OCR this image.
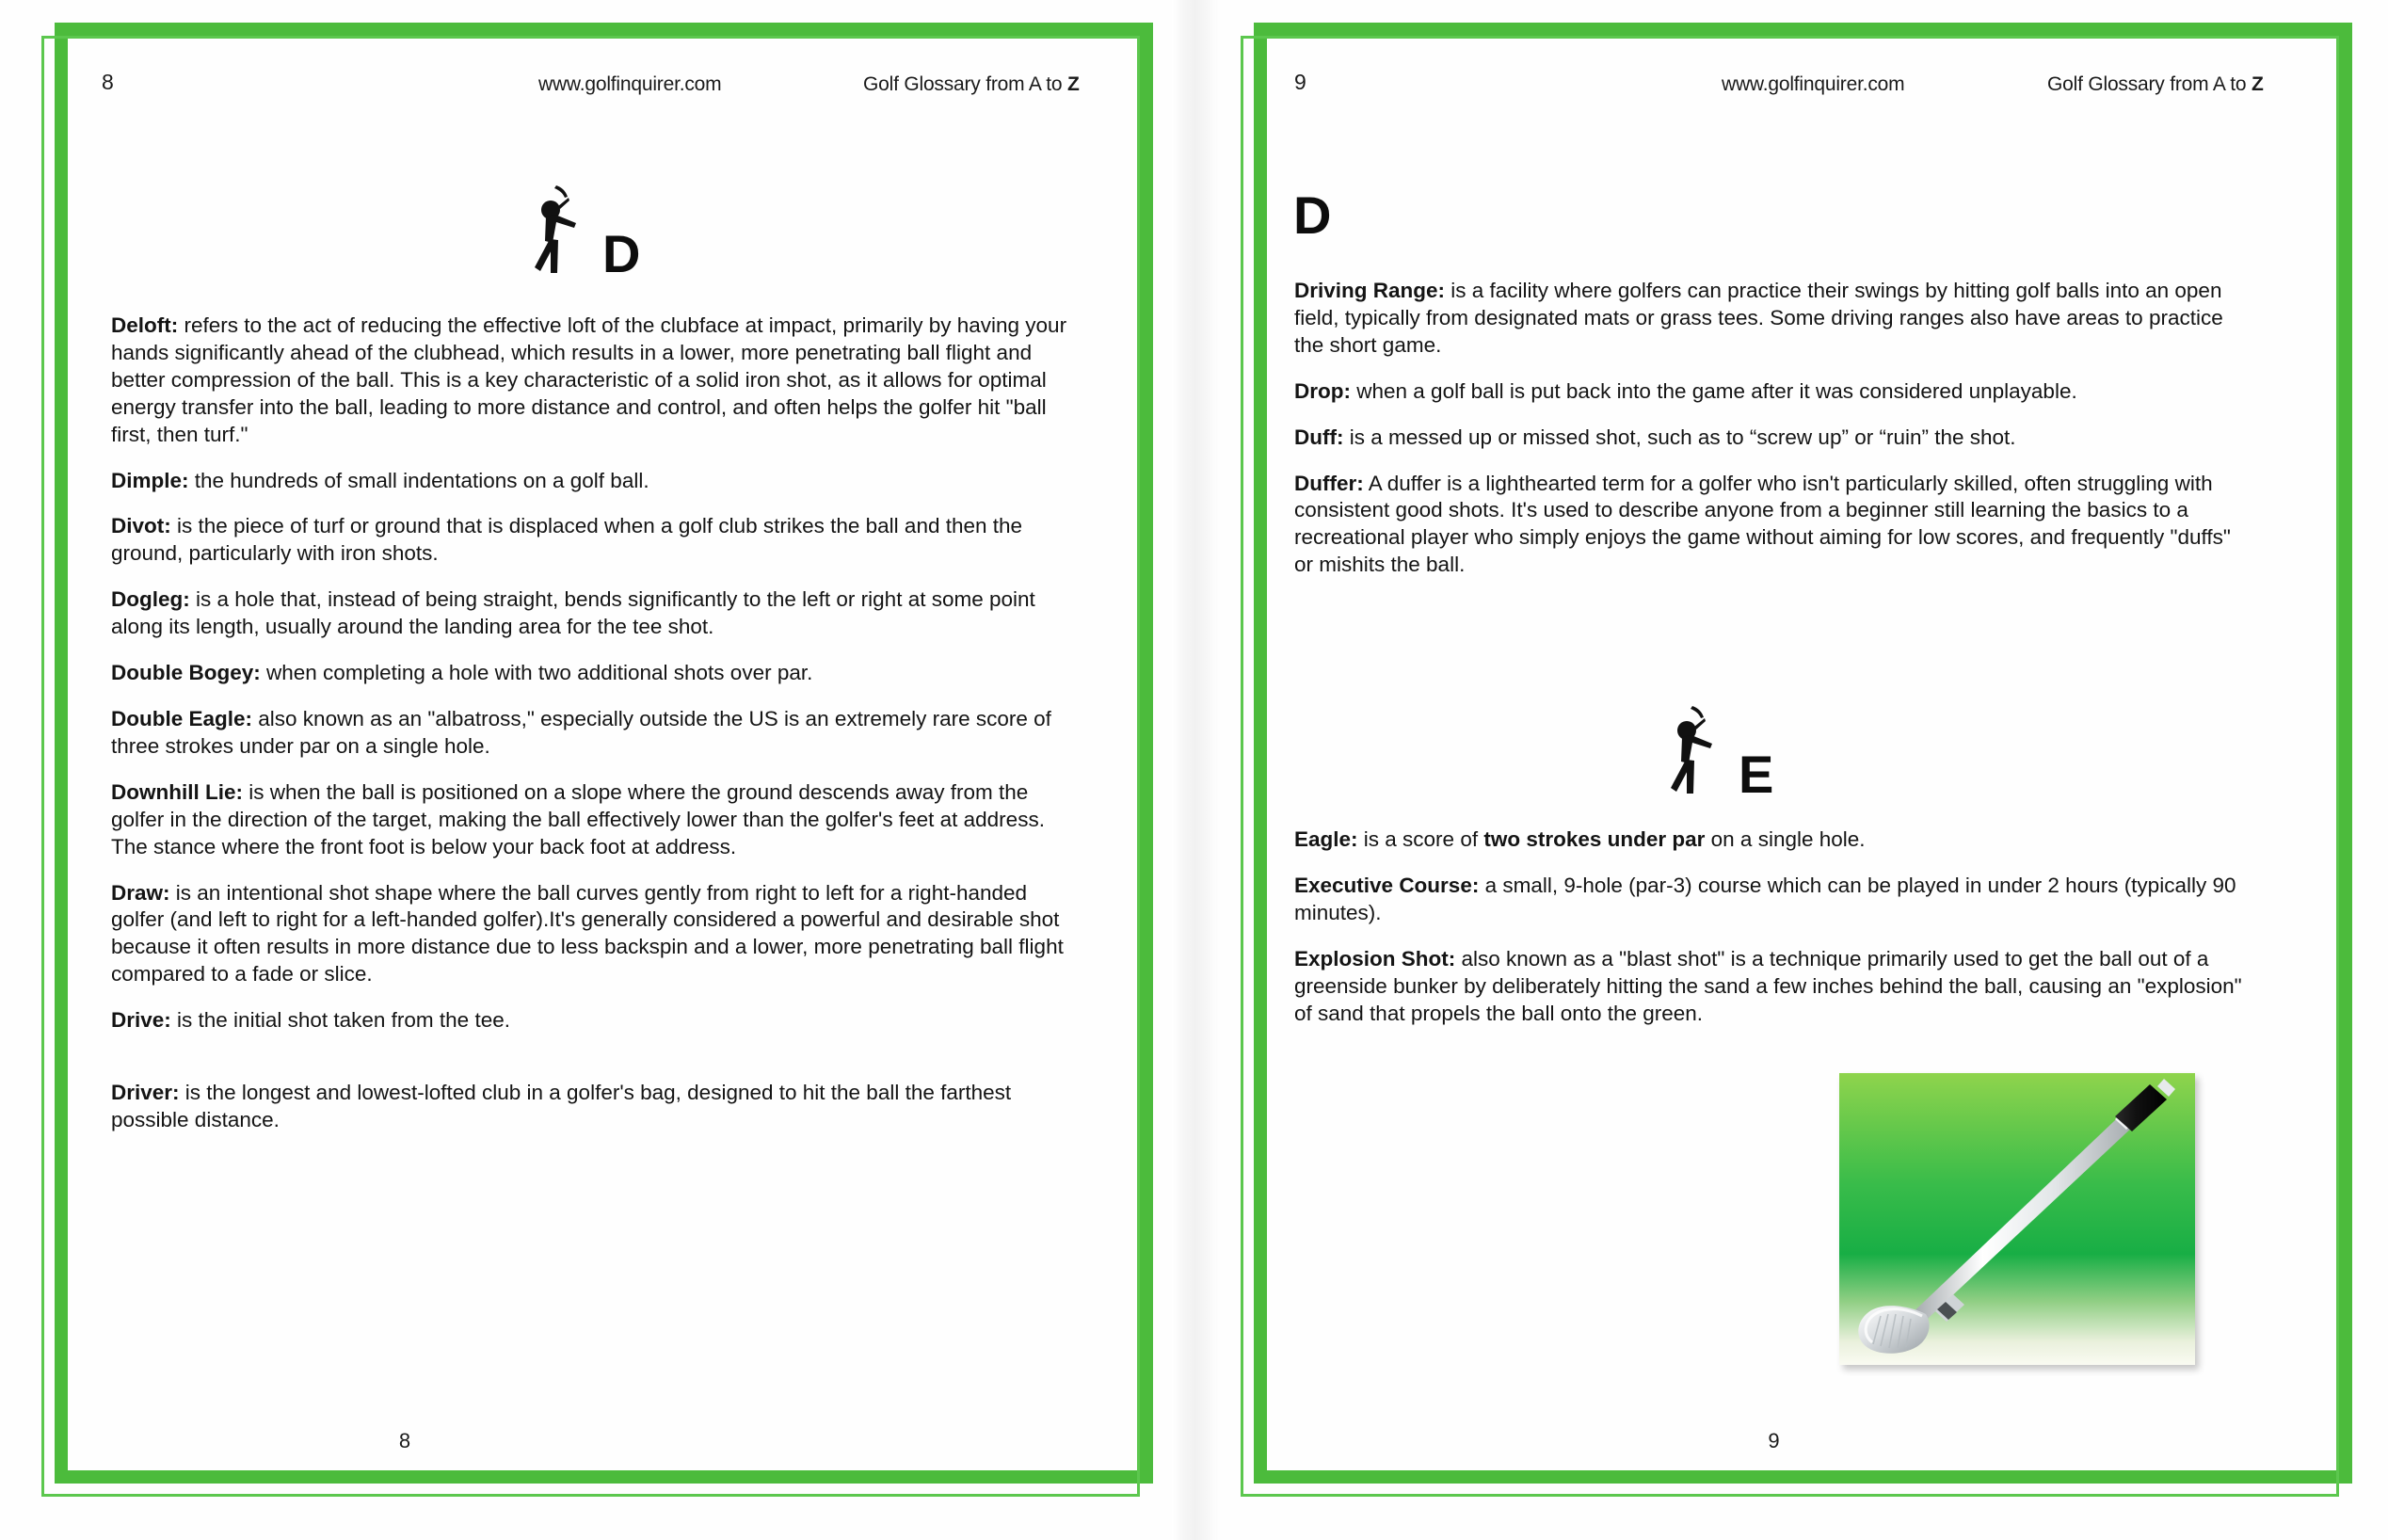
8	www.golfinquirer.com	Golf Glossary from A to Z
D

Deloft: refers to the act of reducing the effective loft of the clubface at impact, primarily by having your hands significantly ahead of the clubhead, which results in a lower, more penetrating ball flight and better compression of the ball. This is a key characteristic of a solid iron shot, as it allows for optimal energy transfer into the ball, leading to more distance and control, and often helps the golfer hit "ball first, then turf."

Dimple: the hundreds of small indentations on a golf ball.

Divot: is the piece of turf or ground that is displaced when a golf club strikes the ball and then the ground, particularly with iron shots.

Dogleg: is a hole that, instead of being straight, bends significantly to the left or right at some point along its length, usually around the landing area for the tee shot.

Double Bogey: when completing a hole with two additional shots over par.

Double Eagle: also known as an "albatross," especially outside the US is an extremely rare score of three strokes under par on a single hole.

Downhill Lie: is when the ball is positioned on a slope where the ground descends away from the golfer in the direction of the target, making the ball effectively lower than the golfer's feet at address. The stance where the front foot is below your back foot at address.

Draw: is an intentional shot shape where the ball curves gently from right to left for a right-handed golfer (and left to right for a left-handed golfer).It's generally considered a powerful and desirable shot because it often results in more distance due to less backspin and a lower, more penetrating ball flight compared to a fade or slice.

Drive: is the initial shot taken from the tee.

Driver: is the longest and lowest-lofted club in a golfer's bag, designed to hit the ball the farthest possible distance.

8
9	www.golfinquirer.com	Golf Glossary from A to Z
D

Driving Range: is a facility where golfers can practice their swings by hitting golf balls into an open field, typically from designated mats or grass tees. Some driving ranges also have areas to practice the short game.

Drop: when a golf ball is put back into the game after it was considered unplayable.

Duff: is a messed up or missed shot, such as to “screw up” or “ruin” the shot.

Duffer: A duffer is a lighthearted term for a golfer who isn't particularly skilled, often struggling with consistent good shots. It's used to describe anyone from a beginner still learning the basics to a recreational player who simply enjoys the game without aiming for low scores, and frequently "duffs" or mishits the ball.

E

Eagle: is a score of two strokes under par on a single hole.

Executive Course: a small, 9-hole (par-3) course which can be played in under 2 hours (typically 90 minutes).

Explosion Shot: also known as a "blast shot" is a technique primarily used to get the ball out of a greenside bunker by deliberately hitting the sand a few inches behind the ball, causing an "explosion" of sand that propels the ball onto the green.

9
